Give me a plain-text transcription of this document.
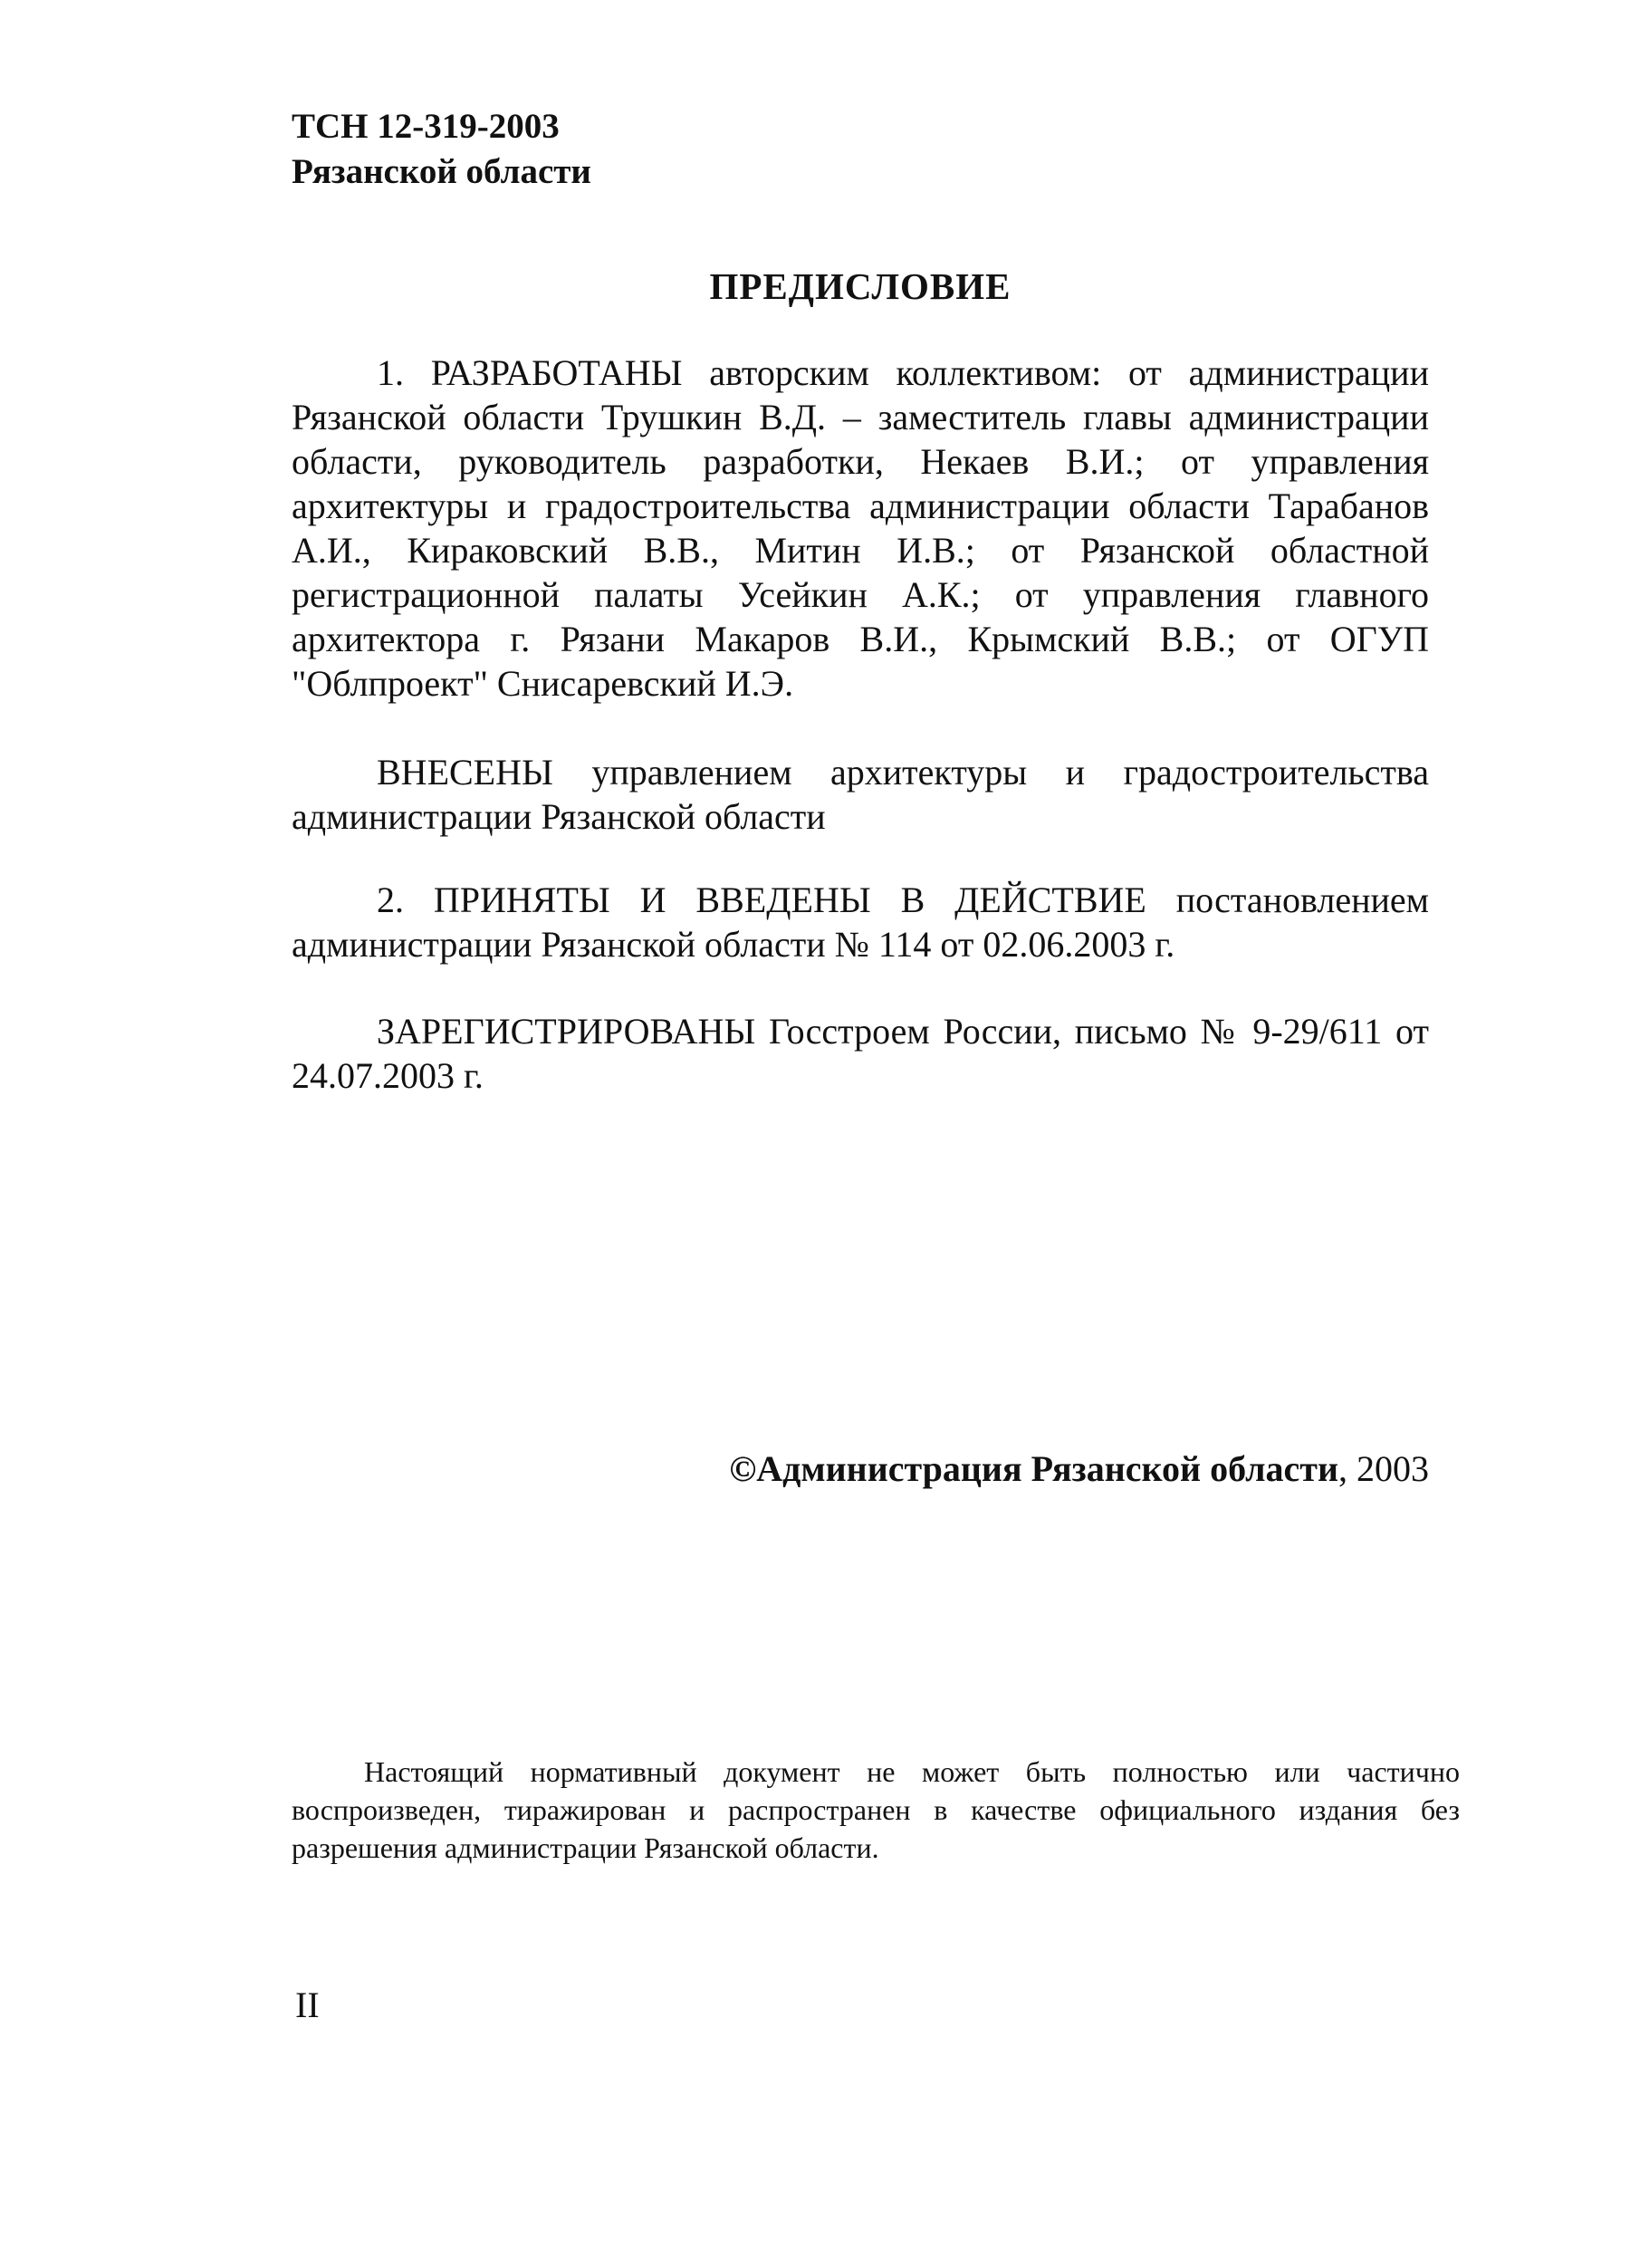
ТСН 12-319-2003
Рязанской области
ПРЕДИСЛОВИЕ

1. РАЗРАБОТАНЫ авторским коллективом: от администрации Рязанской области Трушкин В.Д. – заместитель главы администрации области, руководитель разработки, Некаев В.И.; от управления архитектуры и градостроительства администрации области Тарабанов А.И., Кираковский В.В., Митин И.В.; от Рязанской областной регистрационной палаты Усейкин А.К.; от управления главного архитектора г. Рязани Макаров В.И., Крымский В.В.; от ОГУП "Облпроект" Снисаревский И.Э.

ВНЕСЕНЫ управлением архитектуры и градостроительства администрации Рязанской области

2. ПРИНЯТЫ И ВВЕДЕНЫ В ДЕЙСТВИЕ постановлением администрации Рязанской области № 114 от 02.06.2003 г.

ЗАРЕГИСТРИРОВАНЫ Госстроем России, письмо № 9-29/611 от 24.07.2003 г.

©Администрация Рязанской области, 2003

Настоящий нормативный документ не может быть полностью или частично воспроизведен, тиражирован и распространен в качестве официального издания без разрешения администрации Рязанской области.

II
